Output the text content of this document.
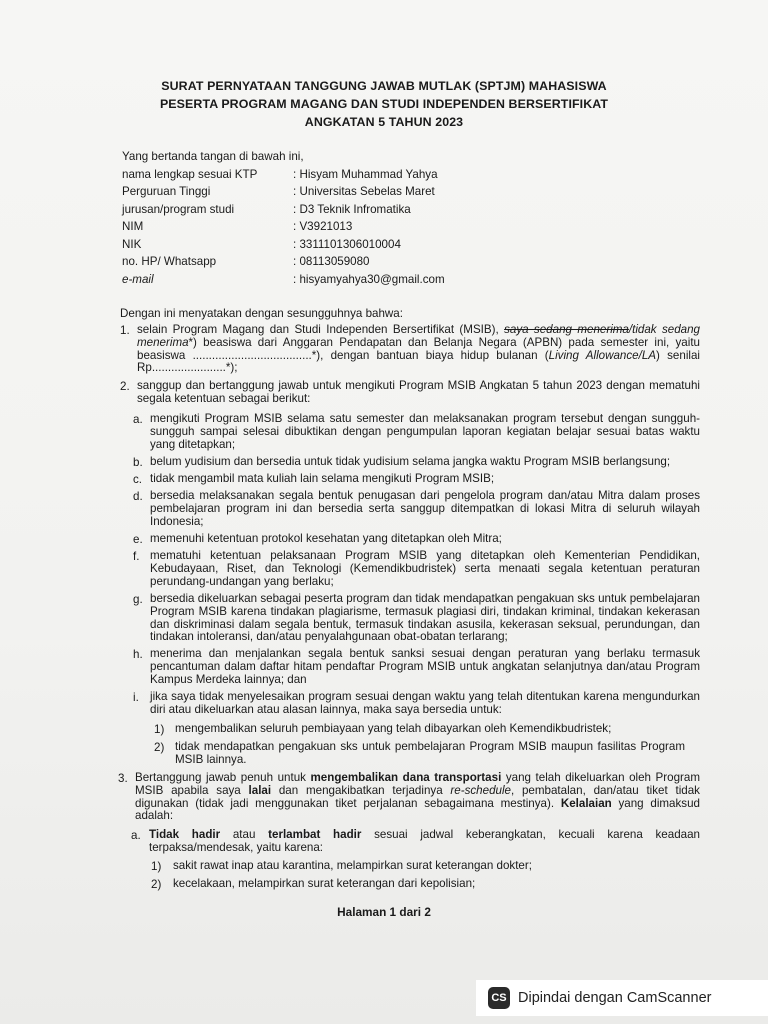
SURAT PERNYATAAN TANGGUNG JAWAB MUTLAK (SPTJM) MAHASISWA
PESERTA PROGRAM MAGANG DAN STUDI INDEPENDEN BERSERTIFIKAT
ANGKATAN 5 TAHUN 2023
Yang bertanda tangan di bawah ini,
nama lengkap sesuai KTP	: Hisyam Muhammad Yahya
Perguruan Tinggi	: Universitas Sebelas Maret
jurusan/program studi	: D3 Teknik Infromatika
NIM	: V3921013
NIK	: 3311101306010004
no. HP/ Whatsapp	: 08113059080
e-mail	: hisyamyahya30@gmail.com
Dengan ini menyatakan dengan sesungguhnya bahwa:
1. selain Program Magang dan Studi Independen Bersertifikat (MSIB), saya sedang menerima/tidak sedang menerima*) beasiswa dari Anggaran Pendapatan dan Belanja Negara (APBN) pada semester ini, yaitu beasiswa .....................................*), dengan bantuan biaya hidup bulanan (Living Allowance/LA) senilai Rp.......................*);
2. sanggup dan bertanggung jawab untuk mengikuti Program MSIB Angkatan 5 tahun 2023 dengan mematuhi segala ketentuan sebagai berikut:
a. mengikuti Program MSIB selama satu semester dan melaksanakan program tersebut dengan sungguh-sungguh sampai selesai dibuktikan dengan pengumpulan laporan kegiatan belajar sesuai batas waktu yang ditetapkan;
b. belum yudisium dan bersedia untuk tidak yudisium selama jangka waktu Program MSIB berlangsung;
c. tidak mengambil mata kuliah lain selama mengikuti Program MSIB;
d. bersedia melaksanakan segala bentuk penugasan dari pengelola program dan/atau Mitra dalam proses pembelajaran program ini dan bersedia serta sanggup ditempatkan di lokasi Mitra di seluruh wilayah Indonesia;
e. memenuhi ketentuan protokol kesehatan yang ditetapkan oleh Mitra;
f. mematuhi ketentuan pelaksanaan Program MSIB yang ditetapkan oleh Kementerian Pendidikan, Kebudayaan, Riset, dan Teknologi (Kemendikbudristek) serta menaati segala ketentuan peraturan perundang-undangan yang berlaku;
g. bersedia dikeluarkan sebagai peserta program dan tidak mendapatkan pengakuan sks untuk pembelajaran Program MSIB karena tindakan plagiarisme, termasuk plagiasi diri, tindakan kriminal, tindakan kekerasan dan diskriminasi dalam segala bentuk, termasuk tindakan asusila, kekerasan seksual, perundungan, dan tindakan intoleransi, dan/atau penyalahgunaan obat-obatan terlarang;
h. menerima dan menjalankan segala bentuk sanksi sesuai dengan peraturan yang berlaku termasuk pencantuman dalam daftar hitam pendaftar Program MSIB untuk angkatan selanjutnya dan/atau Program Kampus Merdeka lainnya; dan
i. jika saya tidak menyelesaikan program sesuai dengan waktu yang telah ditentukan karena mengundurkan diri atau dikeluarkan atau alasan lainnya, maka saya bersedia untuk:
1) mengembalikan seluruh pembiayaan yang telah dibayarkan oleh Kemendikbudristek;
2) tidak mendapatkan pengakuan sks untuk pembelajaran Program MSIB maupun fasilitas Program MSIB lainnya.
3. Bertanggung jawab penuh untuk mengembalikan dana transportasi yang telah dikeluarkan oleh Program MSIB apabila saya lalai dan mengakibatkan terjadinya re-schedule, pembatalan, dan/atau tiket tidak digunakan (tidak jadi menggunakan tiket perjalanan sebagaimana mestinya). Kelalaian yang dimaksud adalah:
a. Tidak hadir atau terlambat hadir sesuai jadwal keberangkatan, kecuali karena keadaan terpaksa/mendesak, yaitu karena:
1) sakit rawat inap atau karantina, melampirkan surat keterangan dokter;
2) kecelakaan, melampirkan surat keterangan dari kepolisian;
Halaman 1 dari 2
CS Dipindai dengan CamScanner
